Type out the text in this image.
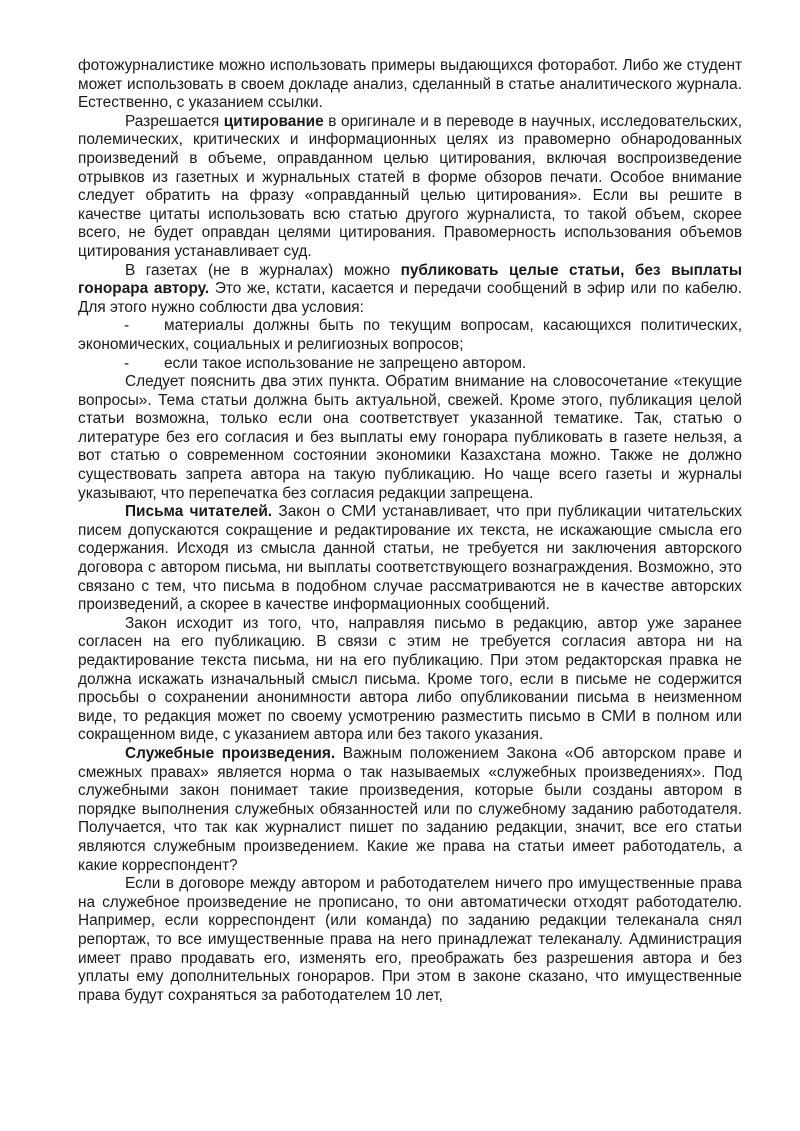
фотожурналистике можно использовать примеры выдающихся фоторабот. Либо же студент может использовать в своем докладе анализ, сделанный в статье аналитического журнала. Естественно, с указанием ссылки.

Разрешается цитирование в оригинале и в переводе в научных, исследовательских, полемических, критических и информационных целях из правомерно обнародованных произведений в объеме, оправданном целью цитирования, включая воспроизведение отрывков из газетных и журнальных статей в форме обзоров печати. Особое внимание следует обратить на фразу «оправданный целью цитирования». Если вы решите в качестве цитаты использовать всю статью другого журналиста, то такой объем, скорее всего, не будет оправдан целями цитирования. Правомерность использования объемов цитирования устанавливает суд.

В газетах (не в журналах) можно публиковать целые статьи, без выплаты гонорара автору. Это же, кстати, касается и передачи сообщений в эфир или по кабелю. Для этого нужно соблюсти два условия:

- материалы должны быть по текущим вопросам, касающихся политических, экономических, социальных и религиозных вопросов;

- если такое использование не запрещено автором.

Следует пояснить два этих пункта. Обратим внимание на словосочетание «текущие вопросы». Тема статьи должна быть актуальной, свежей. Кроме этого, публикация целой статьи возможна, только если она соответствует указанной тематике. Так, статью о литературе без его согласия и без выплаты ему гонорара публиковать в газете нельзя, а вот статью о современном состоянии экономики Казахстана можно. Также не должно существовать запрета автора на такую публикацию. Но чаще всего газеты и журналы указывают, что перепечатка без согласия редакции запрещена.

Письма читателей. Закон о СМИ устанавливает, что при публикации читательских писем допускаются сокращение и редактирование их текста, не искажающие смысла его содержания. Исходя из смысла данной статьи, не требуется ни заключения авторского договора с автором письма, ни выплаты соответствующего вознаграждения. Возможно, это связано с тем, что письма в подобном случае рассматриваются не в качестве авторских произведений, а скорее в качестве информационных сообщений.

Закон исходит из того, что, направляя письмо в редакцию, автор уже заранее согласен на его публикацию. В связи с этим не требуется согласия автора ни на редактирование текста письма, ни на его публикацию. При этом редакторская правка не должна искажать изначальный смысл письма. Кроме того, если в письме не содержится просьбы о сохранении анонимности автора либо опубликовании письма в неизменном виде, то редакция может по своему усмотрению разместить письмо в СМИ в полном или сокращенном виде, с указанием автора или без такого указания.

Служебные произведения. Важным положением Закона «Об авторском праве и смежных правах» является норма о так называемых «служебных произведениях». Под служебными закон понимает такие произведения, которые были созданы автором в порядке выполнения служебных обязанностей или по служебному заданию работодателя. Получается, что так как журналист пишет по заданию редакции, значит, все его статьи являются служебным произведением. Какие же права на статьи имеет работодатель, а какие корреспондент?

Если в договоре между автором и работодателем ничего про имущественные права на служебное произведение не прописано, то они автоматически отходят работодателю. Например, если корреспондент (или команда) по заданию редакции телеканала снял репортаж, то все имущественные права на него принадлежат телеканалу. Администрация имеет право продавать его, изменять его, преображать без разрешения автора и без уплаты ему дополнительных гонораров. При этом в законе сказано, что имущественные права будут сохраняться за работодателем 10 лет,
